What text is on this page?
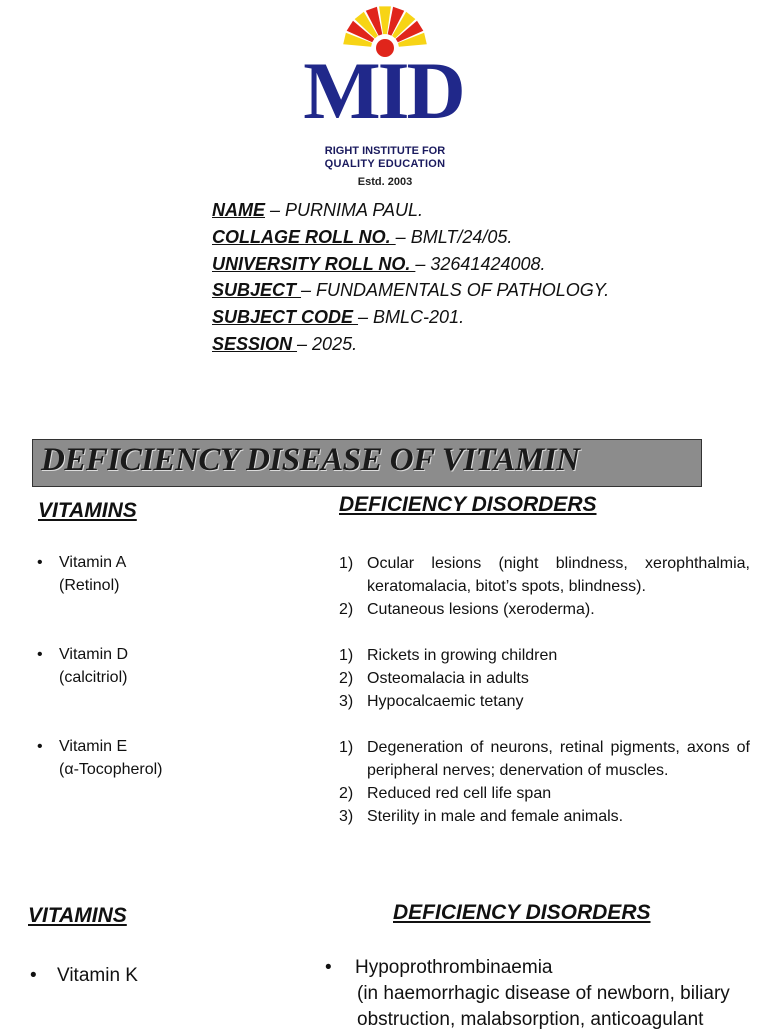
MID
RIGHT INSTITUTE FOR
QUALITY EDUCATION
Estd. 2003
NAME – PURNIMA PAUL.
COLLAGE ROLL NO. – BMLT/24/05.
UNIVERSITY ROLL NO. – 32641424008.
SUBJECT – FUNDAMENTALS OF PATHOLOGY.
SUBJECT CODE – BMLC-201.
SESSION – 2025.
DEFICIENCY DISEASE OF VITAMIN
VITAMINS	DEFICIENCY DISORDERS
• Vitamin A
(Retinol)
1) Ocular lesions (night blindness, xerophthalmia, keratomalacia, bitot’s spots, blindness).
2) Cutaneous lesions (xeroderma).
• Vitamin D
(calcitriol)
1) Rickets in growing children
2) Osteomalacia in adults
3) Hypocalcaemic tetany
• Vitamin E
(α-Tocopherol)
1) Degeneration of neurons, retinal pigments, axons of peripheral nerves; denervation of muscles.
2) Reduced red cell life span
3) Sterility in male and female animals.
VITAMINS	DEFICIENCY DISORDERS
• Vitamin K	• Hypoprothrombinaemia
(in haemorrhagic disease of newborn, biliary
obstruction, malabsorption, anticoagulant
